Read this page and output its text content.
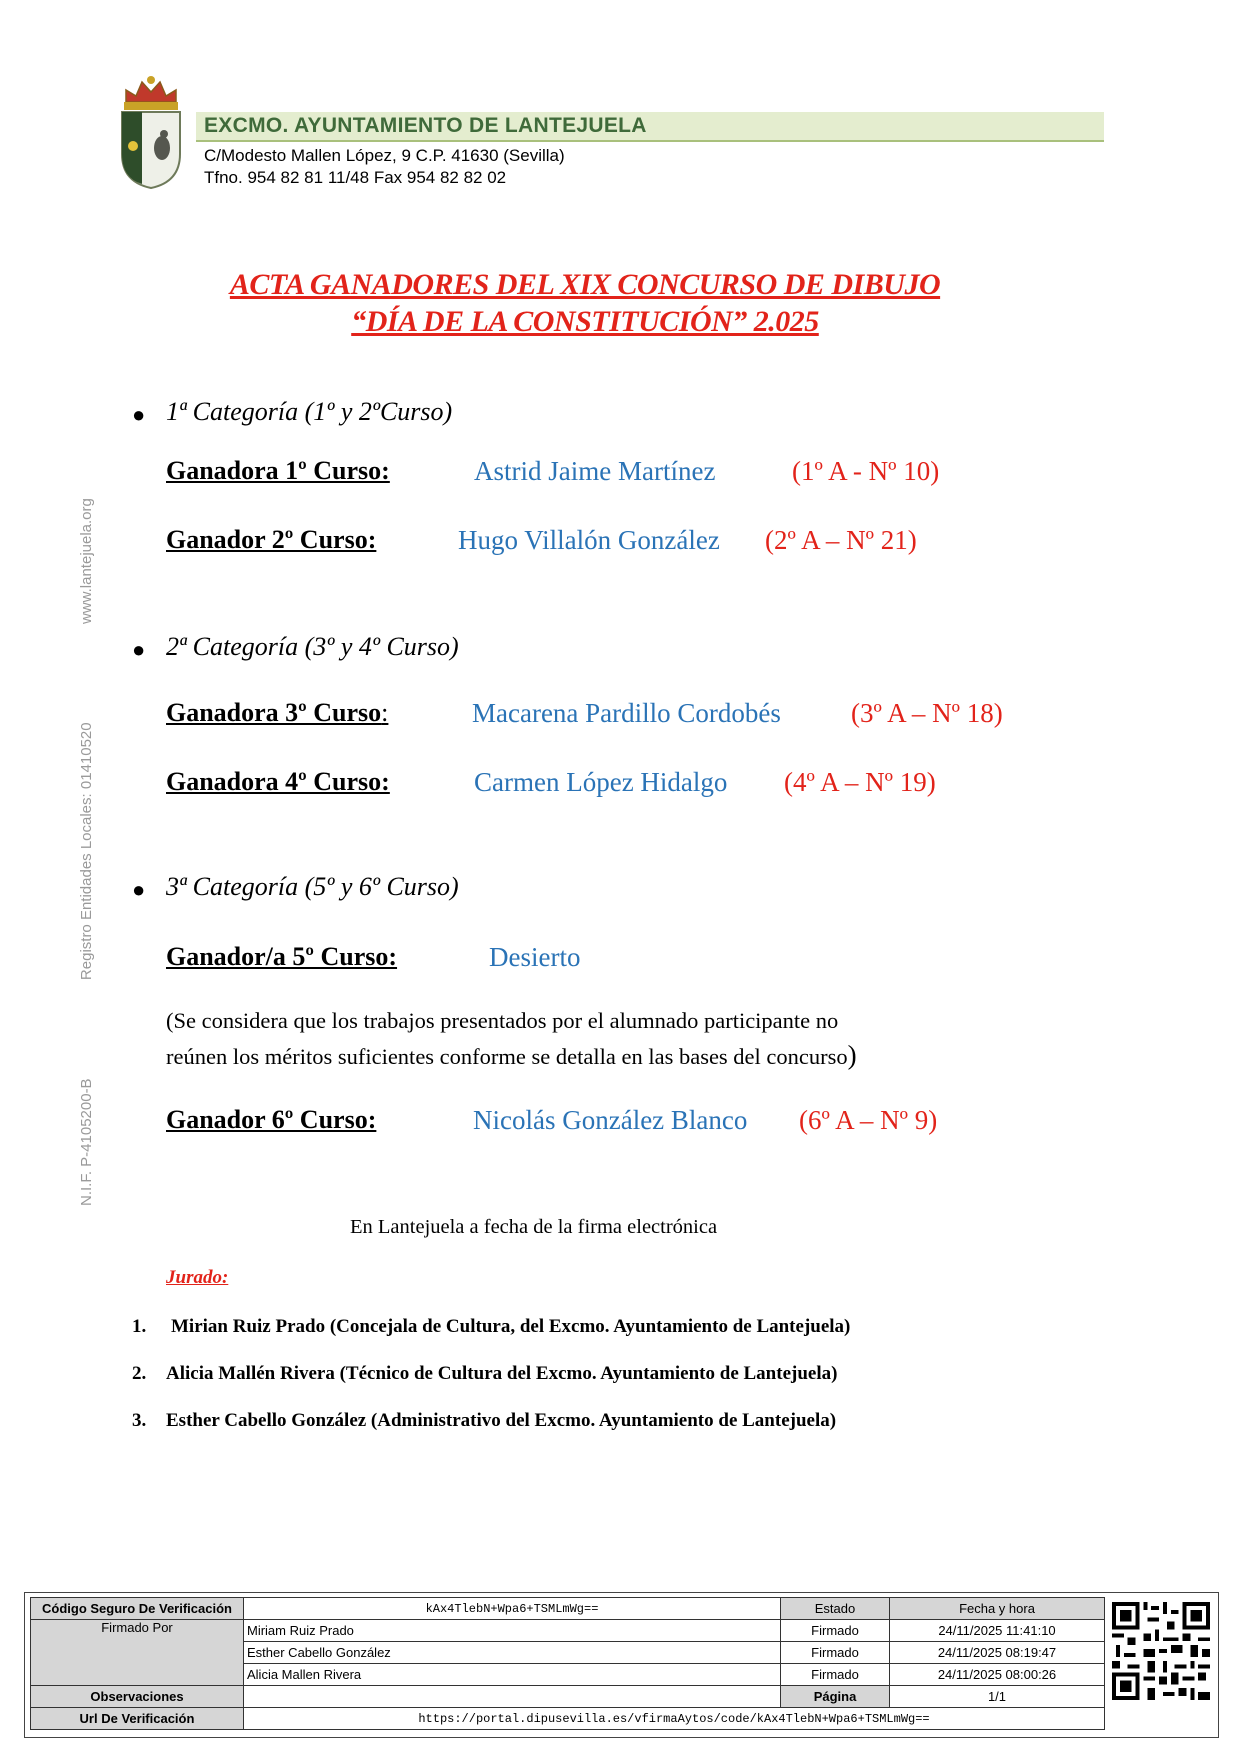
EXCMO. AYUNTAMIENTO DE LANTEJUELA
C/Modesto Mallen López, 9 C.P. 41630 (Sevilla)
Tfno. 954 82 81 11/48 Fax 954 82 82 02
N.I.F. P-4105200-B  Registro Entidades Locales: 01410520  www.lantejuela.org
ACTA GANADORES DEL XIX CONCURSO DE DIBUJO
“DÍA DE LA CONSTITUCIÓN” 2.025
● 1ª Categoría (1º y 2ºCurso)
Ganadora 1º Curso:	Astrid Jaime Martínez	(1º A - Nº 10)
Ganador 2º Curso:	Hugo Villalón González (2º A – Nº 21)
● 2ª Categoría (3º y 4º Curso)
Ganadora 3º Curso:	Macarena Pardillo Cordobés	(3º A – Nº 18)
Ganadora 4º Curso:	Carmen López Hidalgo (4º A – Nº 19)
● 3ª Categoría (5º y 6º Curso)
Ganador/a 5º Curso:	Desierto
(Se considera que los trabajos presentados por el alumnado participante no
reúnen los méritos suficientes conforme se detalla en las bases del concurso)
Ganador 6º Curso:	Nicolás González Blanco (6º A – Nº 9)
En Lantejuela a fecha de la firma electrónica
Jurado:
1. Mirian Ruiz Prado (Concejala de Cultura, del Excmo. Ayuntamiento de Lantejuela)
2. Alicia Mallén Rivera (Técnico de Cultura del Excmo. Ayuntamiento de Lantejuela)
3. Esther Cabello González (Administrativo del Excmo. Ayuntamiento de Lantejuela)
Código Seguro De Verificación	kAx4TlebN+Wpa6+TSMLmWg==	Estado	Fecha y hora
Firmado Por	Miriam Ruiz Prado	Firmado	24/11/2025 11:41:10
	Esther Cabello González	Firmado	24/11/2025 08:19:47
	Alicia Mallen Rivera	Firmado	24/11/2025 08:00:26
Observaciones		Página	1/1
Url De Verificación	https://portal.dipusevilla.es/vfirmaAytos/code/kAx4TlebN+Wpa6+TSMLmWg==		
